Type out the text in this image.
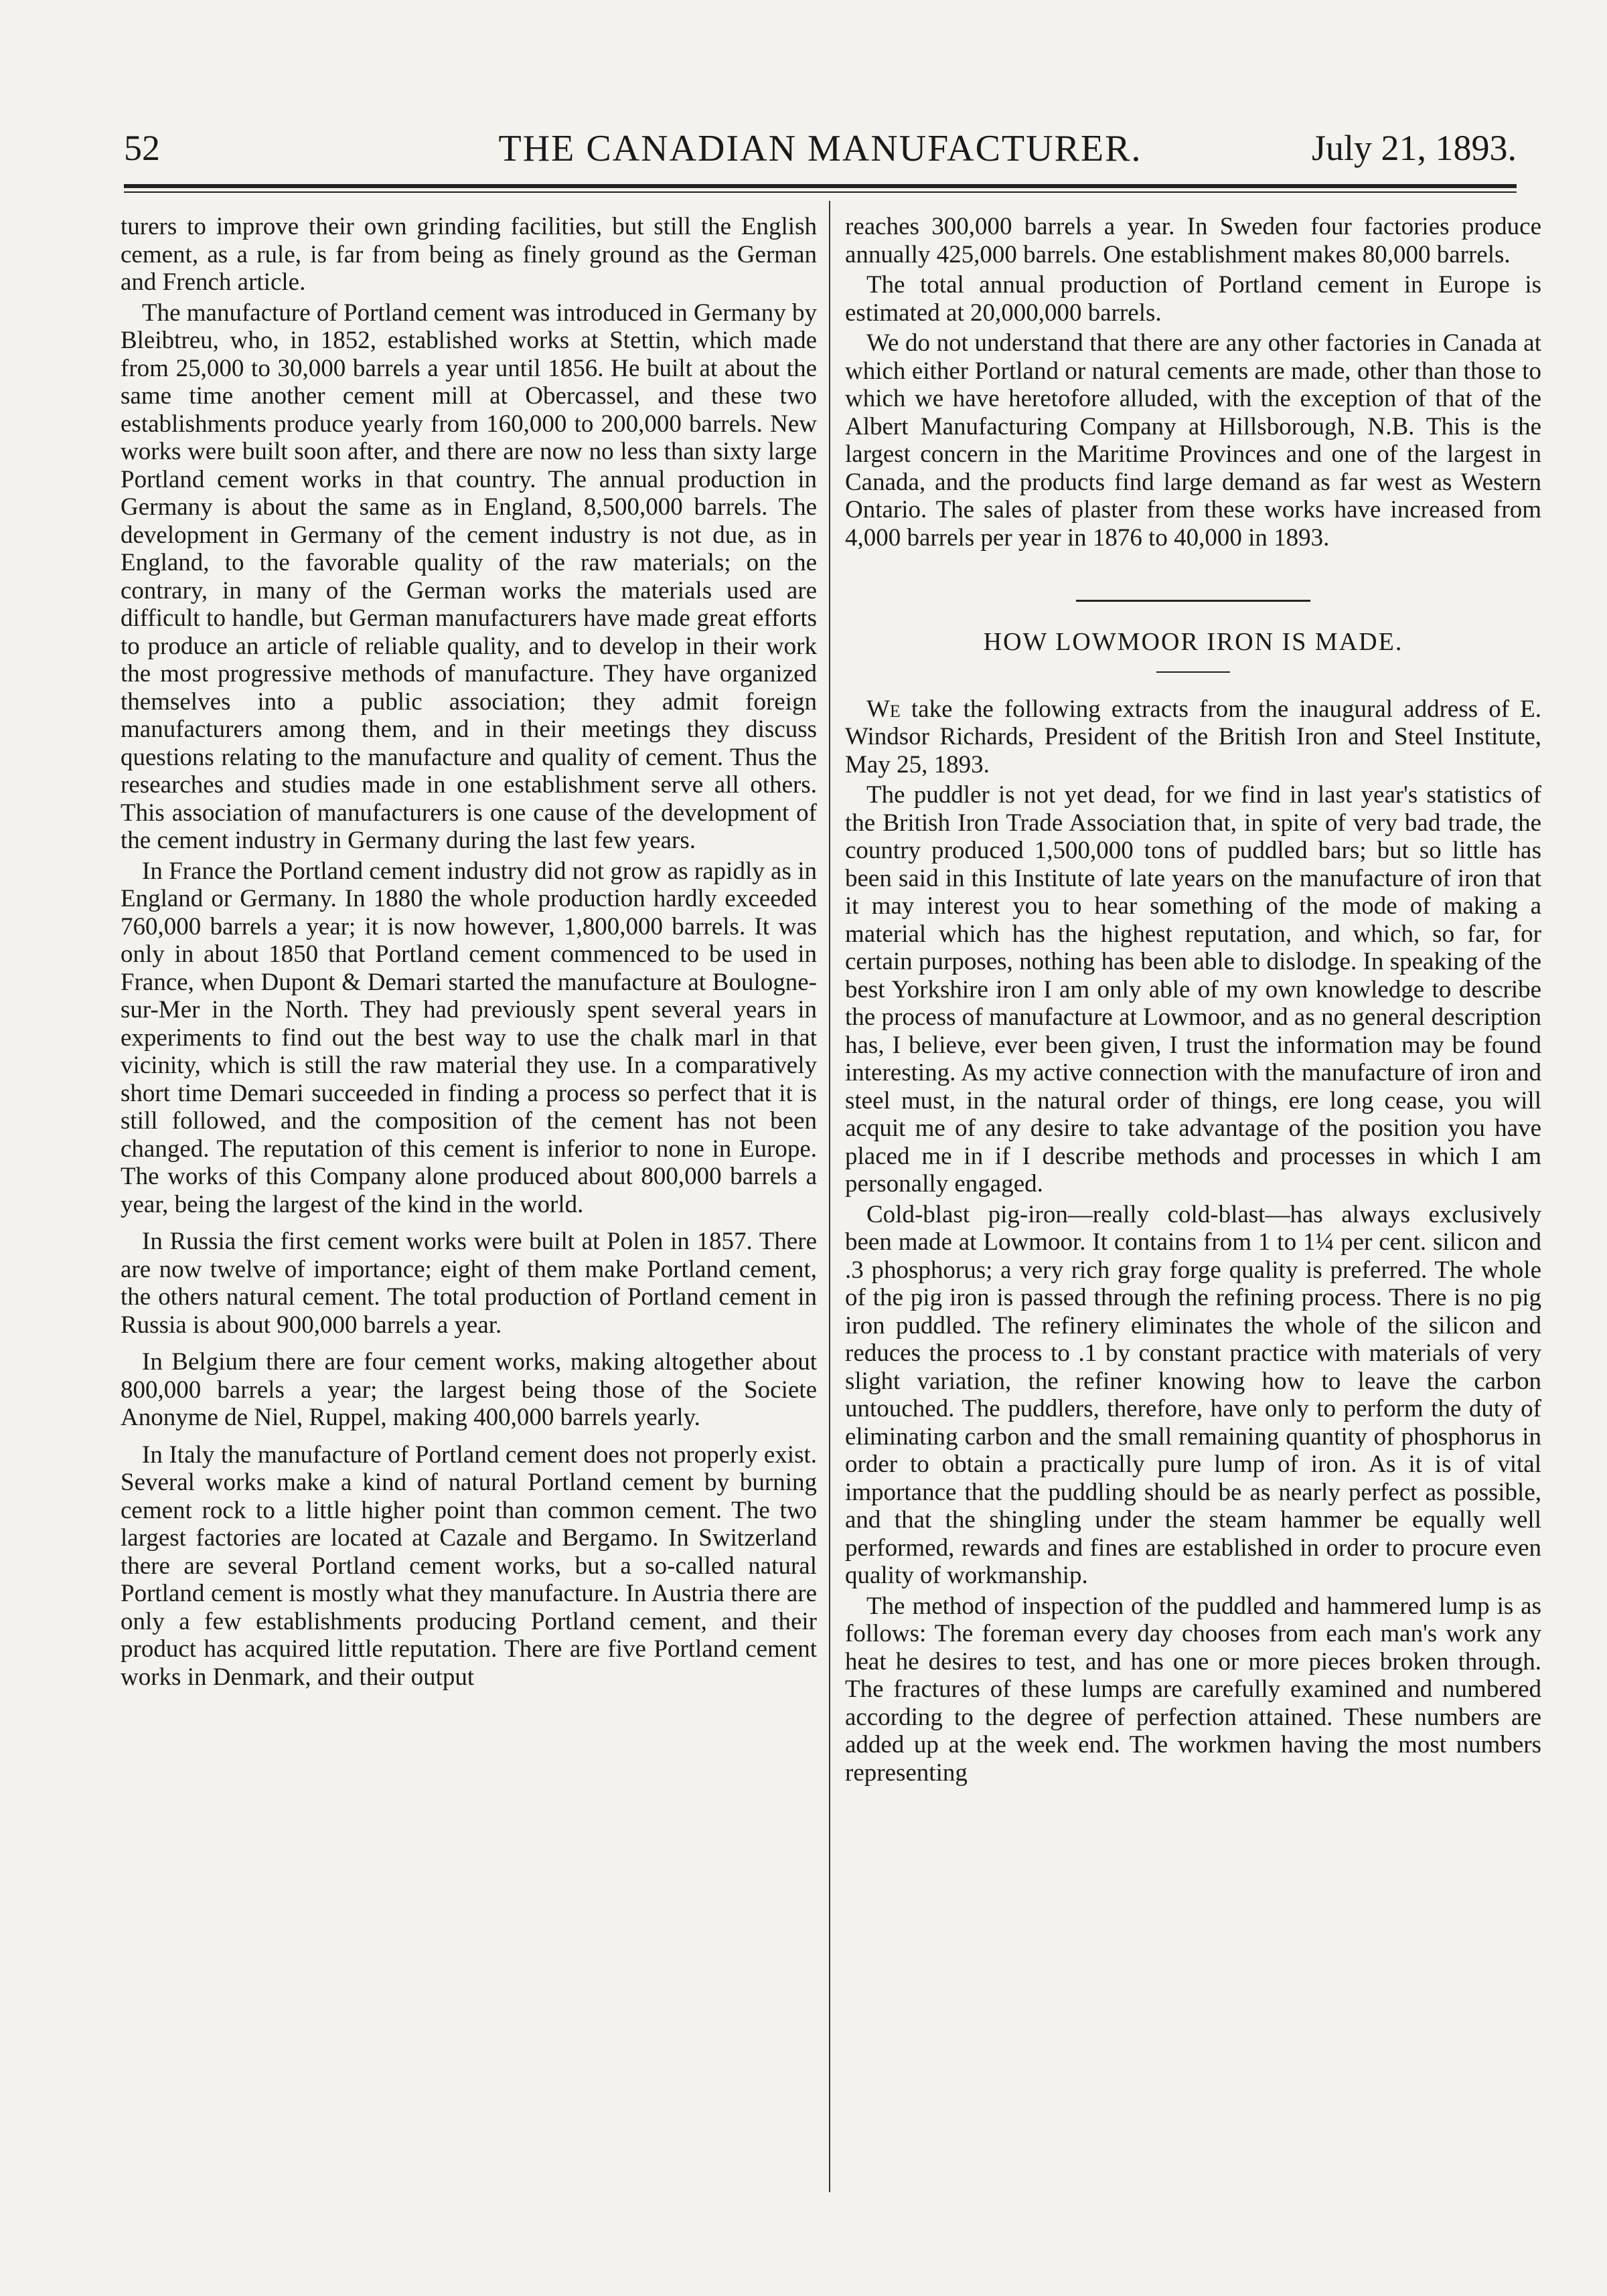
52	THE CANADIAN MANUFACTURER.	July 21, 1893.

turers to improve their own grinding facilities, but still the English cement, as a rule, is far from being as finely ground as the German and French article.

The manufacture of Portland cement was introduced in Germany by Bleibtreu, who, in 1852, established works at Stettin, which made from 25,000 to 30,000 barrels a year until 1856. He built at about the same time another cement mill at Obercassel, and these two establishments produce yearly from 160,000 to 200,000 barrels. New works were built soon after, and there are now no less than sixty large Portland cement works in that country. The annual production in Germany is about the same as in England, 8,500,000 barrels. The development in Germany of the cement industry is not due, as in England, to the favorable quality of the raw materials; on the contrary, in many of the German works the materials used are difficult to handle, but German manufacturers have made great efforts to produce an article of reliable quality, and to develop in their work the most progressive methods of manufacture. They have organized themselves into a public association; they admit foreign manufacturers among them, and in their meetings they discuss questions relating to the manufacture and quality of cement. Thus the researches and studies made in one establishment serve all others. This association of manufacturers is one cause of the development of the cement industry in Germany during the last few years.

In France the Portland cement industry did not grow as rapidly as in England or Germany. In 1880 the whole production hardly exceeded 760,000 barrels a year; it is now however, 1,800,000 barrels. It was only in about 1850 that Portland cement commenced to be used in France, when Dupont & Demari started the manufacture at Boulogne-sur-Mer in the North. They had previously spent several years in experiments to find out the best way to use the chalk marl in that vicinity, which is still the raw material they use. In a comparatively short time Demari succeeded in finding a process so perfect that it is still followed, and the composition of the cement has not been changed. The reputation of this cement is inferior to none in Europe. The works of this Company alone produced about 800,000 barrels a year, being the largest of the kind in the world.

In Russia the first cement works were built at Polen in 1857. There are now twelve of importance; eight of them make Portland cement, the others natural cement. The total production of Portland cement in Russia is about 900,000 barrels a year.

In Belgium there are four cement works, making altogether about 800,000 barrels a year; the largest being those of the Societe Anonyme de Niel, Ruppel, making 400,000 barrels yearly.

In Italy the manufacture of Portland cement does not properly exist. Several works make a kind of natural Portland cement by burning cement rock to a little higher point than common cement. The two largest factories are located at Cazale and Bergamo. In Switzerland there are several Portland cement works, but a so-called natural Portland cement is mostly what they manufacture. In Austria there are only a few establishments producing Portland cement, and their product has acquired little reputation. There are five Portland cement works in Denmark, and their output

reaches 300,000 barrels a year. In Sweden four factories produce annually 425,000 barrels. One establishment makes 80,000 barrels.

The total annual production of Portland cement in Europe is estimated at 20,000,000 barrels.

We do not understand that there are any other factories in Canada at which either Portland or natural cements are made, other than those to which we have heretofore alluded, with the exception of that of the Albert Manufacturing Company at Hillsborough, N.B. This is the largest concern in the Maritime Provinces and one of the largest in Canada, and the products find large demand as far west as Western Ontario. The sales of plaster from these works have increased from 4,000 barrels per year in 1876 to 40,000 in 1893.

HOW LOWMOOR IRON IS MADE.

We take the following extracts from the inaugural address of E. Windsor Richards, President of the British Iron and Steel Institute, May 25, 1893.

The puddler is not yet dead, for we find in last year's statistics of the British Iron Trade Association that, in spite of very bad trade, the country produced 1,500,000 tons of puddled bars; but so little has been said in this Institute of late years on the manufacture of iron that it may interest you to hear something of the mode of making a material which has the highest reputation, and which, so far, for certain purposes, nothing has been able to dislodge. In speaking of the best Yorkshire iron I am only able of my own knowledge to describe the process of manufacture at Lowmoor, and as no general description has, I believe, ever been given, I trust the information may be found interesting. As my active connection with the manufacture of iron and steel must, in the natural order of things, ere long cease, you will acquit me of any desire to take advantage of the position you have placed me in if I describe methods and processes in which I am personally engaged.

Cold-blast pig-iron—really cold-blast—has always exclusively been made at Lowmoor. It contains from 1 to 1¼ per cent. silicon and .3 phosphorus; a very rich gray forge quality is preferred. The whole of the pig iron is passed through the refining process. There is no pig iron puddled. The refinery eliminates the whole of the silicon and reduces the process to .1 by constant practice with materials of very slight variation, the refiner knowing how to leave the carbon untouched. The puddlers, therefore, have only to perform the duty of eliminating carbon and the small remaining quantity of phosphorus in order to obtain a practically pure lump of iron. As it is of vital importance that the puddling should be as nearly perfect as possible, and that the shingling under the steam hammer be equally well performed, rewards and fines are established in order to procure even quality of workmanship.

The method of inspection of the puddled and hammered lump is as follows: The foreman every day chooses from each man's work any heat he desires to test, and has one or more pieces broken through. The fractures of these lumps are carefully examined and numbered according to the degree of perfection attained. These numbers are added up at the week end. The workmen having the most numbers representing
